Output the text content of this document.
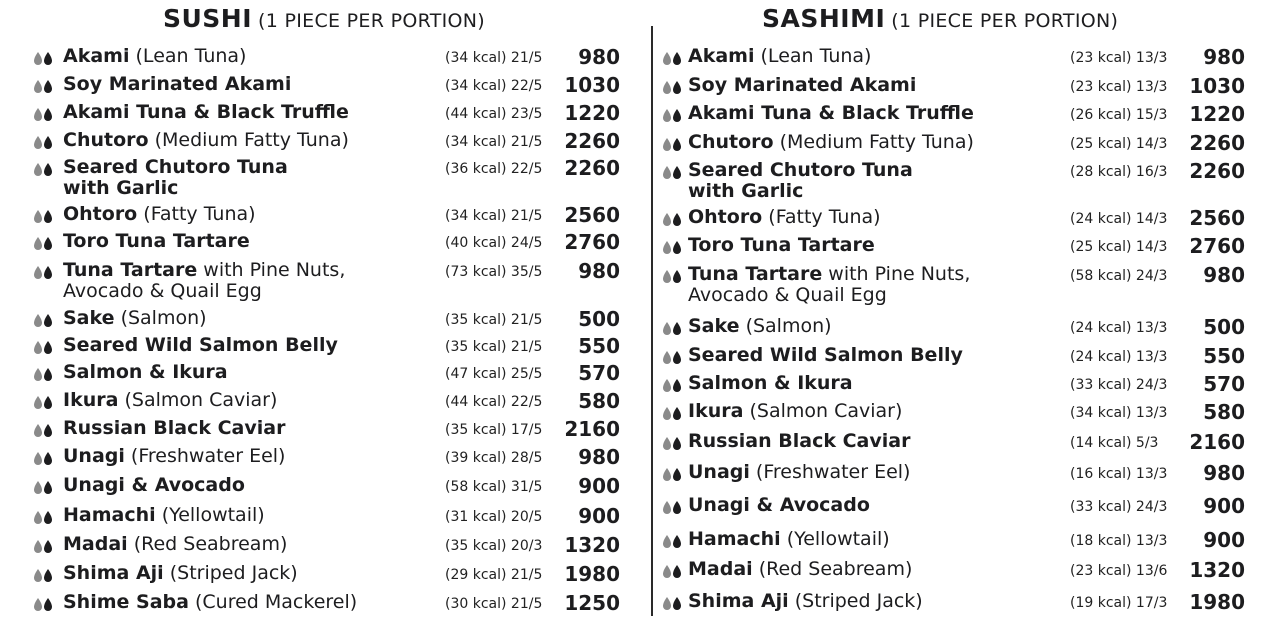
SUSHI (1 PIECE PER PORTION)
Akami (Lean Tuna)	(34 kcal) 21/5 980
Soy Marinated Akami	(34 kcal) 22/5 1030
Akami Tuna & Black Truffle	(44 kcal) 23/5 1220
Chutoro (Medium Fatty Tuna)	(34 kcal) 21/5 2260
Seared Chutoro Tuna
with Garlic
(36 kcal) 22/5 2260
Ohtoro (Fatty Tuna)	(34 kcal) 21/5 2560
Toro Tuna Tartare	(40 kcal) 24/5 2760
Tuna Tartare with Pine Nuts,
Avocado & Quail Egg
(73 kcal) 35/5 980
Sake (Salmon)	(35 kcal) 21/5 500
Seared Wild Salmon Belly	(35 kcal) 21/5 550
Salmon & Ikura	(47 kcal) 25/5 570
Ikura (Salmon Caviar)	(44 kcal) 22/5 580
Russian Black Caviar	(35 kcal) 17/5 2160
Unagi (Freshwater Eel)	(39 kcal) 28/5 980
Unagi & Avocado	(58 kcal) 31/5 900
Hamachi (Yellowtail)	(31 kcal) 20/5 900
Madai (Red Seabream)	(35 kcal) 20/3 1320
Shima Aji (Striped Jack)	(29 kcal) 21/5 1980
Shime Saba (Cured Mackerel)	(30 kcal) 21/5 1250
SASHIMI (1 PIECE PER PORTION)
Akami (Lean Tuna)	(23 kcal) 13/3 980
Soy Marinated Akami	(23 kcal) 13/3 1030
Akami Tuna & Black Truffle	(26 kcal) 15/3 1220
Chutoro (Medium Fatty Tuna)	(25 kcal) 14/3 2260
Seared Chutoro Tuna
with Garlic
(28 kcal) 16/3 2260
Ohtoro (Fatty Tuna)	(24 kcal) 14/3 2560
Toro Tuna Tartare	(25 kcal) 14/3 2760
Tuna Tartare with Pine Nuts,
Avocado & Quail Egg
(58 kcal) 24/3 980
Sake (Salmon)	(24 kcal) 13/3 500
Seared Wild Salmon Belly	(24 kcal) 13/3 550
Salmon & Ikura	(33 kcal) 24/3 570
Ikura (Salmon Caviar)	(34 kcal) 13/3 580
Russian Black Caviar	(14 kcal) 5/3 2160
Unagi (Freshwater Eel)	(16 kcal) 13/3 980
Unagi & Avocado	(33 kcal) 24/3 900
Hamachi (Yellowtail)	(18 kcal) 13/3 900
Madai (Red Seabream)	(23 kcal) 13/6 1320
Shima Aji (Striped Jack)	(19 kcal) 17/3 1980
